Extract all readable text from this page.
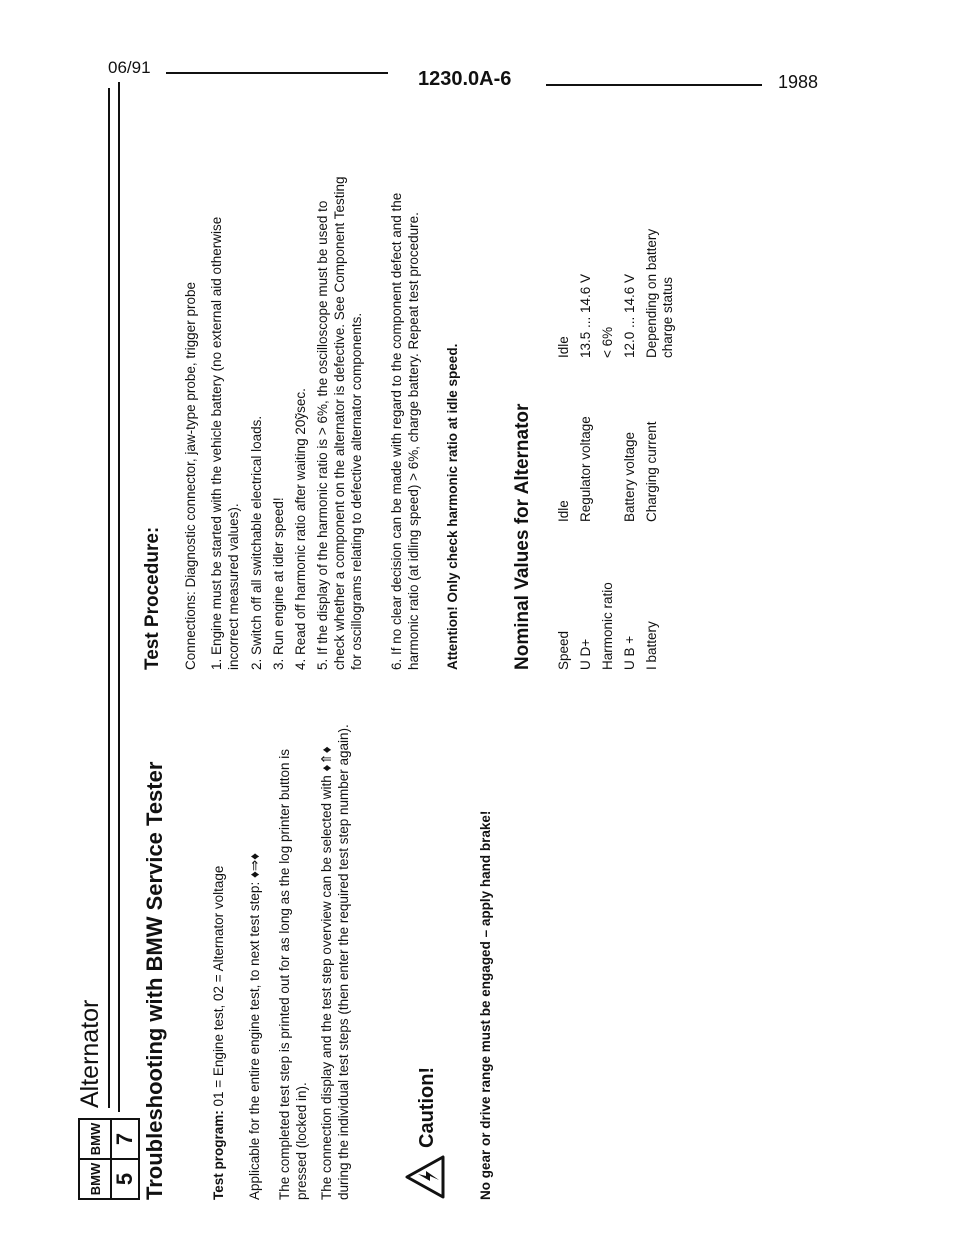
06/91
1230.0A-6	1988
BMW
BMW
5
7
Alternator Troubleshooting with BMW Service Tester	Test program: 01 = Engine test, 02 = Alternator voltage Applicable for the entire engine test, to next test step: ♦⇒♦ The completed test step is printed out for as long as the log printer button is pressed (locked in). The connection display and the test step overview can be selected with ♦⇑♦ during the individual test steps (then enter the required test step number again).	Caution!	No gear or drive range must be engaged – apply hand brake!
Test Procedure: Connections: Diagnostic connector, jaw-type probe, trigger probe 1. Engine must be started with the vehicle battery (no external aid otherwise incorrect measured values). 2. Switch off all switchable electrical loads. 3. Run engine at idler speed! 4. Read off harmonic ratio after waiting 20ỹsec. 5. If the display of the harmonic ratio is > 6%, the oscilloscope must be used to check whether a component on the alternator is defective. See Component Testing for oscillograms relating to defective alternator components. 6. If no clear decision can be made with regard to the component defect and the harmonic ratio (at idling speed) > 6%, charge battery. Repeat test procedure. Attention! Only check harmonic ratio at idle speed.	Nominal Values for Alternator Speed	Idle	Idle
U D+	Regulator voltage	13.5 ... 14.6 V
Harmonic ratio		< 6%
U B +	Battery voltage	12.0 ... 14.6 V
I battery	Charging current	Depending on battery charge status
